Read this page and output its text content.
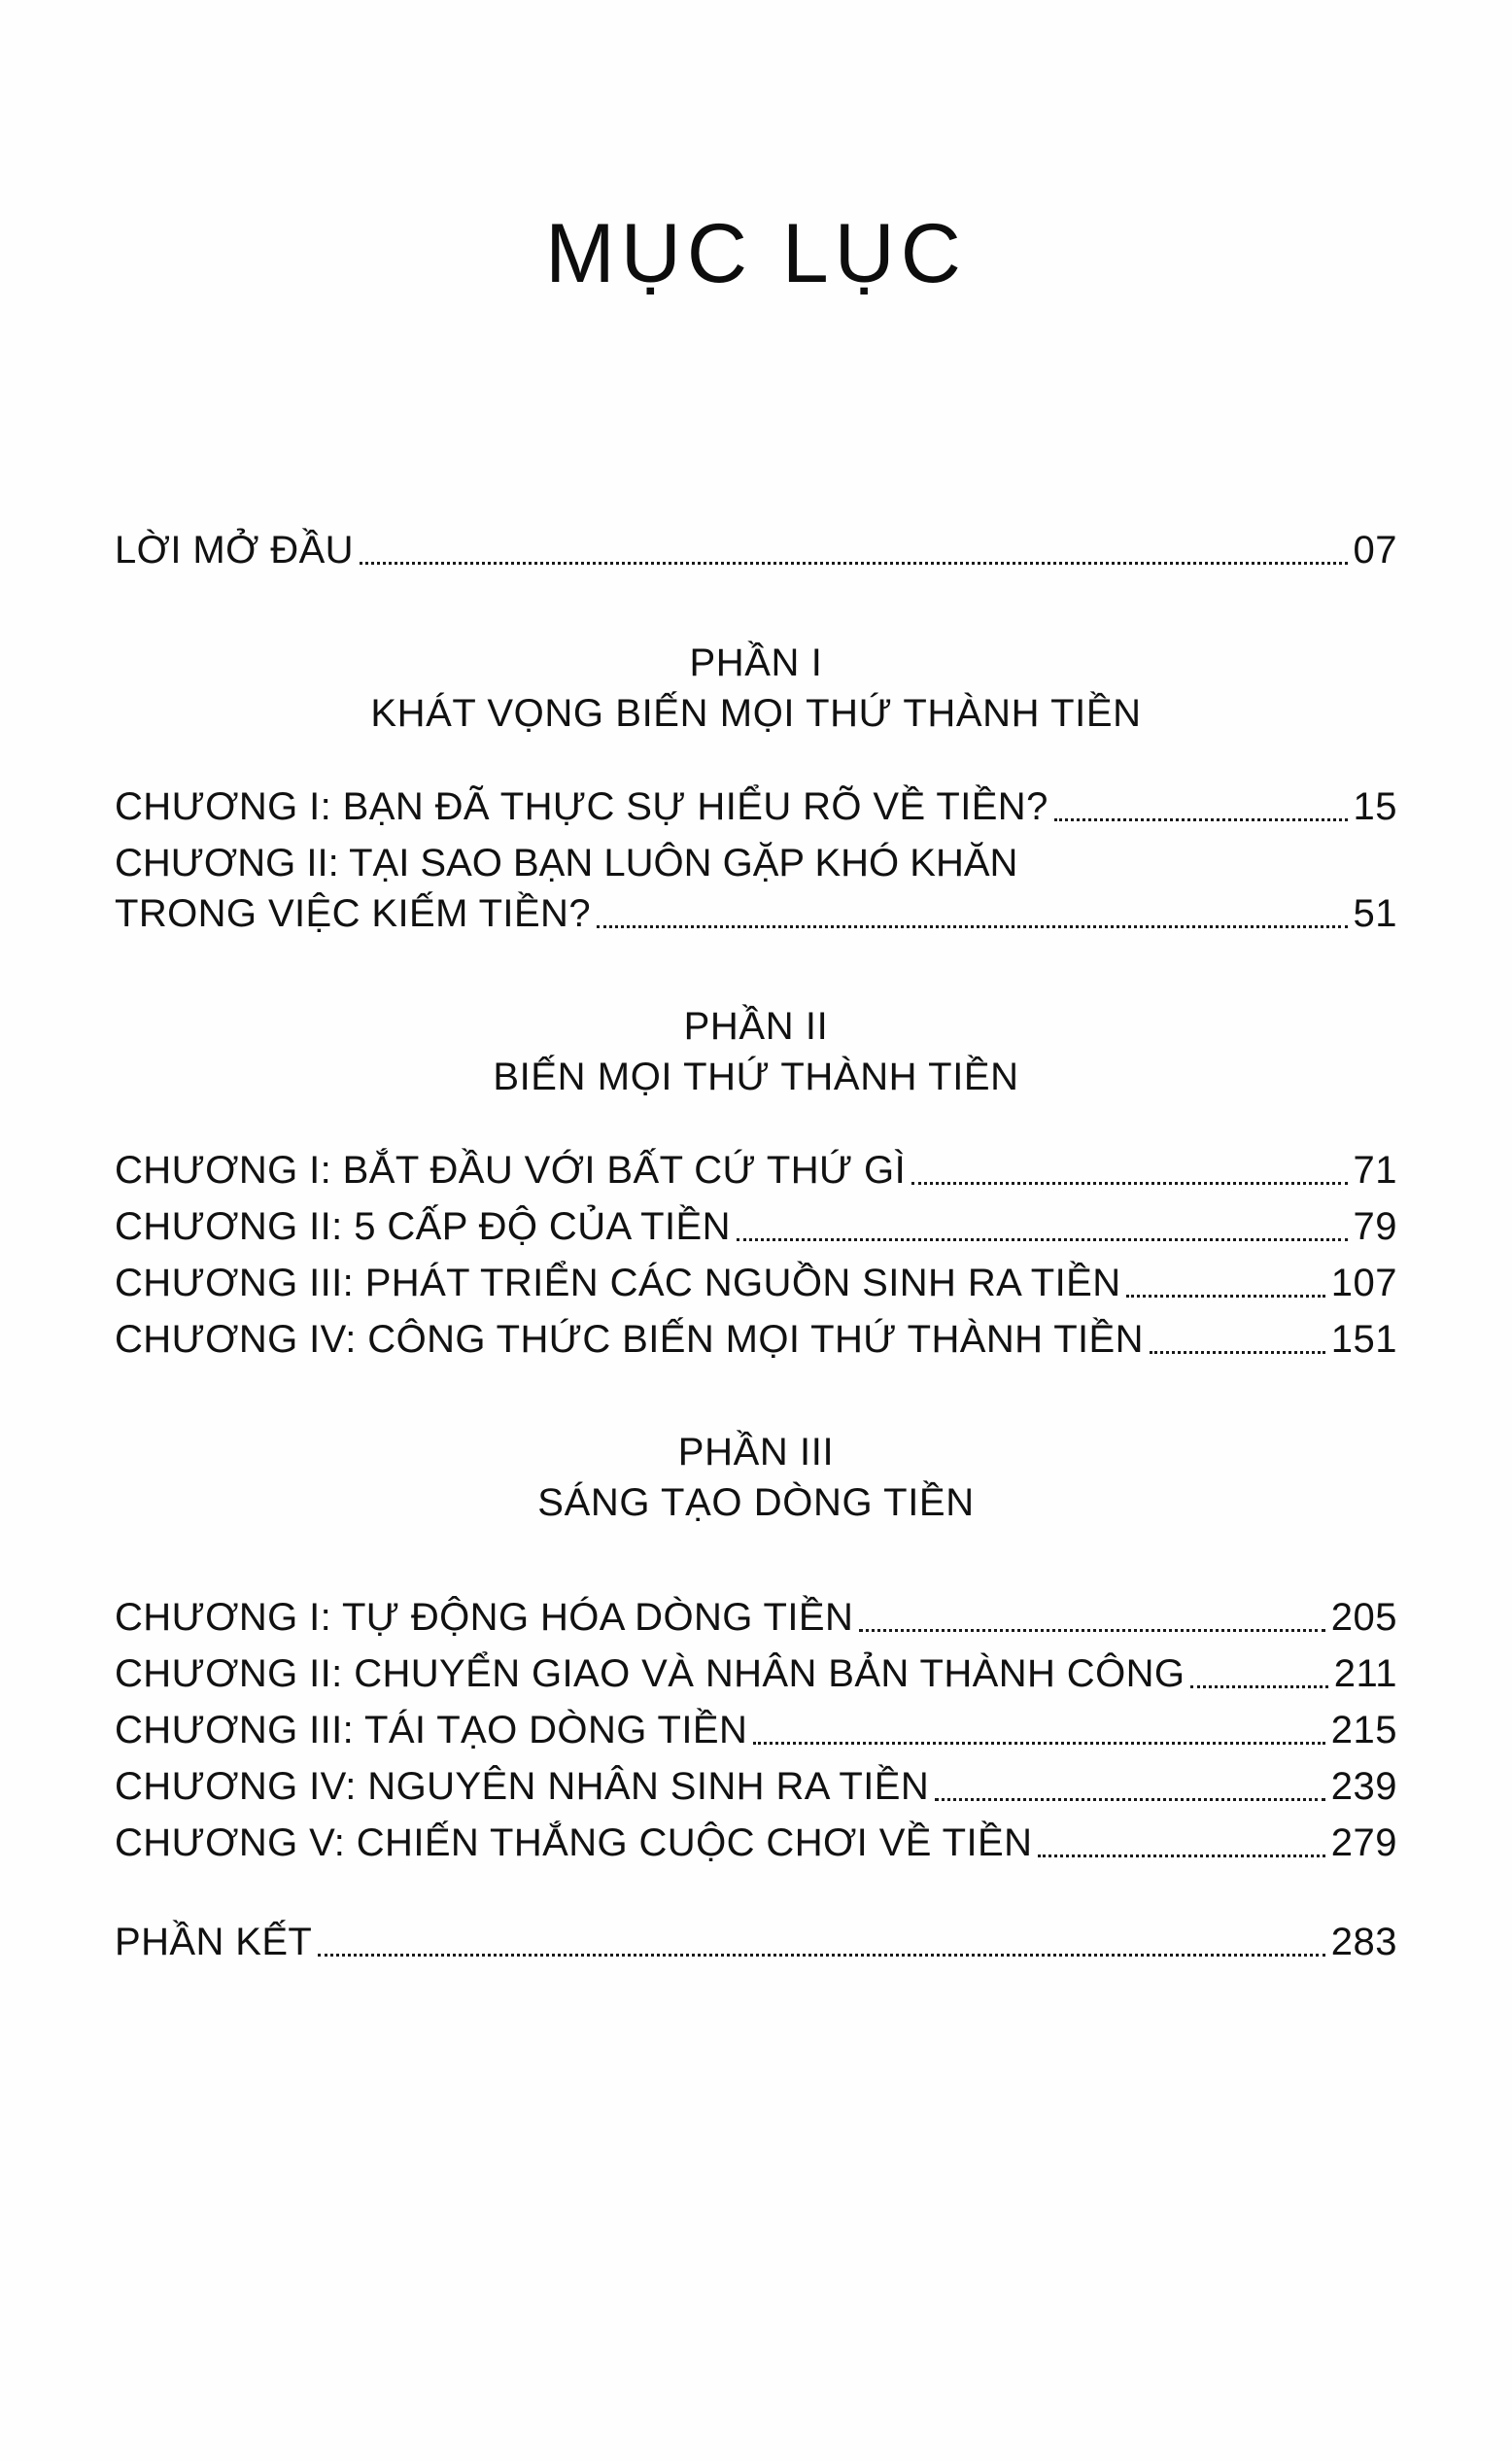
MỤC LỤC
LỜI MỞ ĐẦU	07
PHẦN I
KHÁT VỌNG BIẾN MỌI THỨ THÀNH TIỀN
CHƯƠNG I: BẠN ĐÃ THỰC SỰ HIỂU RÕ VỀ TIỀN?	15
CHƯƠNG II: TẠI SAO BẠN LUÔN GẶP KHÓ KHĂN
TRONG VIỆC KIẾM TIỀN?	51
PHẦN II
BIẾN MỌI THỨ THÀNH TIỀN
CHƯƠNG I: BẮT ĐẦU VỚI BẤT CỨ THỨ GÌ	71
CHƯƠNG II: 5 CẤP ĐỘ CỦA TIỀN	79
CHƯƠNG III: PHÁT TRIỂN CÁC NGUỒN SINH RA TIỀN	107
CHƯƠNG IV: CÔNG THỨC BIẾN MỌI THỨ THÀNH TIỀN	151
PHẦN III
SÁNG TẠO DÒNG TIỀN
CHƯƠNG I: TỰ ĐỘNG HÓA DÒNG TIỀN	205
CHƯƠNG II: CHUYỂN GIAO VÀ NHÂN BẢN THÀNH CÔNG	211
CHƯƠNG III: TÁI TẠO DÒNG TIỀN	215
CHƯƠNG IV: NGUYÊN NHÂN SINH RA TIỀN	239
CHƯƠNG V: CHIẾN THẮNG CUỘC CHƠI VỀ TIỀN	279
PHẦN KẾT	283
